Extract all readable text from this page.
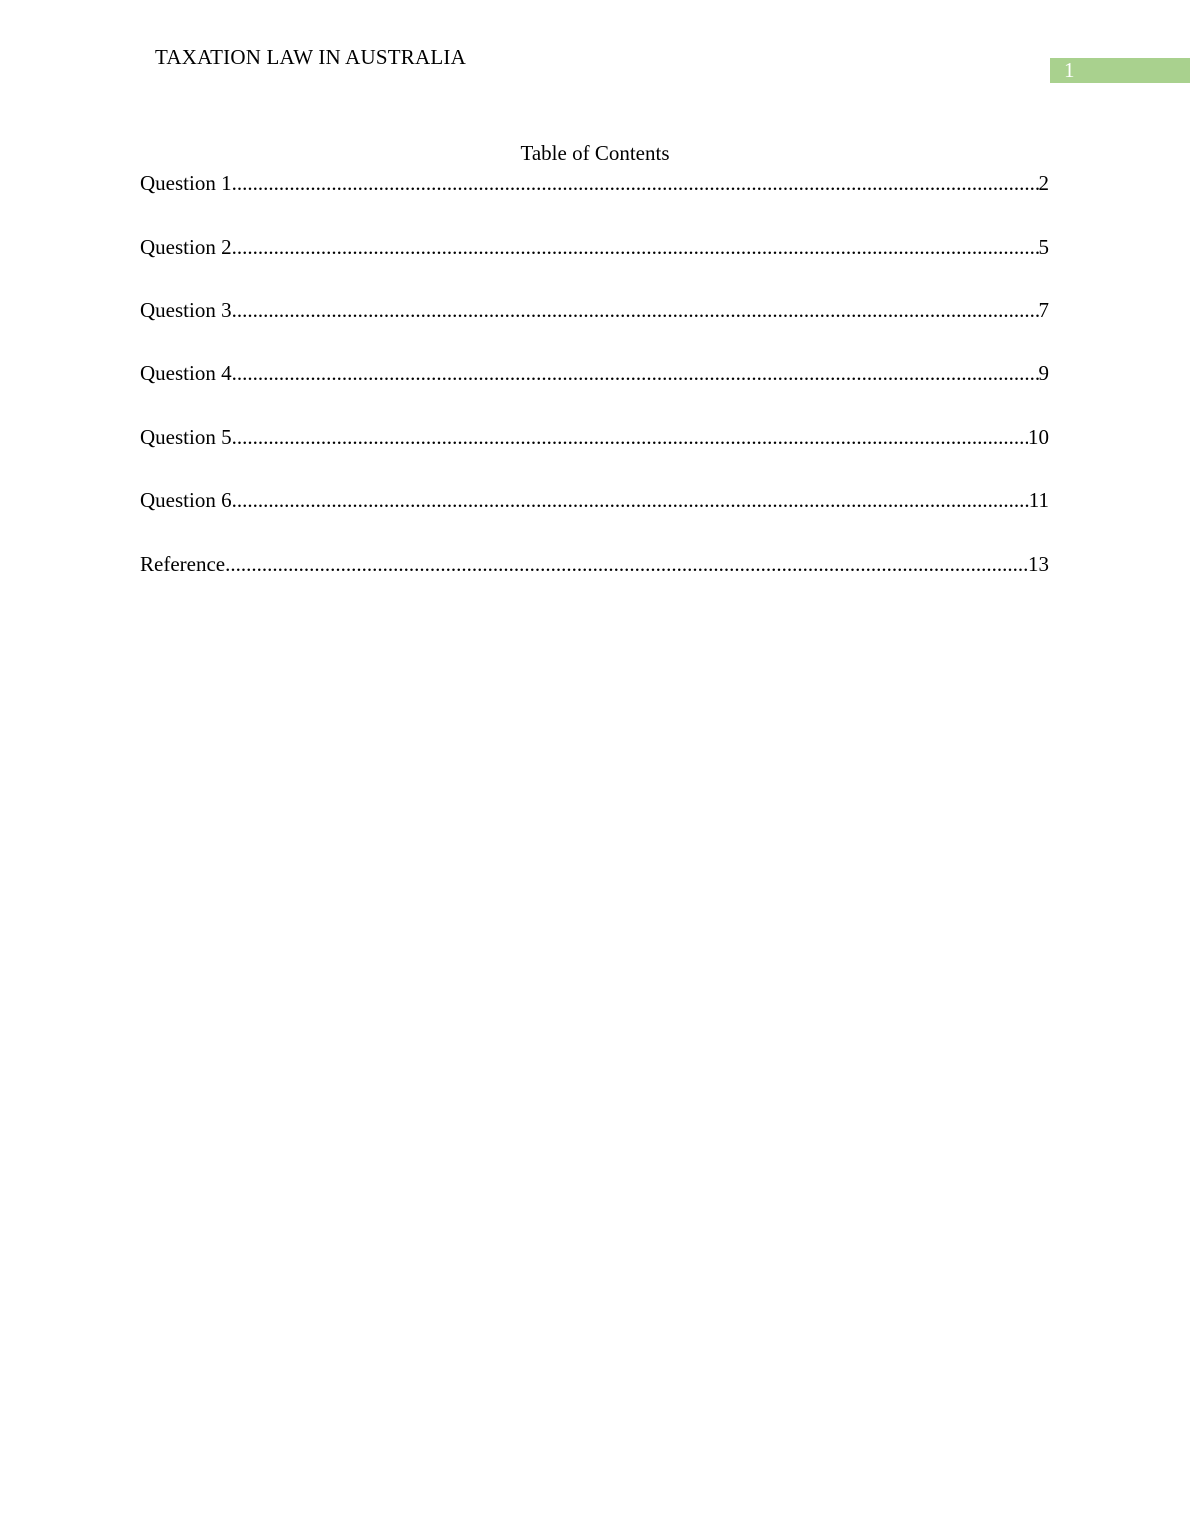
TAXATION LAW IN AUSTRALIA
1
Table of Contents
Question 1 .....	2
Question 2 .....	5
Question 3 .....	7
Question 4 .....	9
Question 5 .....	10
Question 6 .....	11
Reference .....	13
